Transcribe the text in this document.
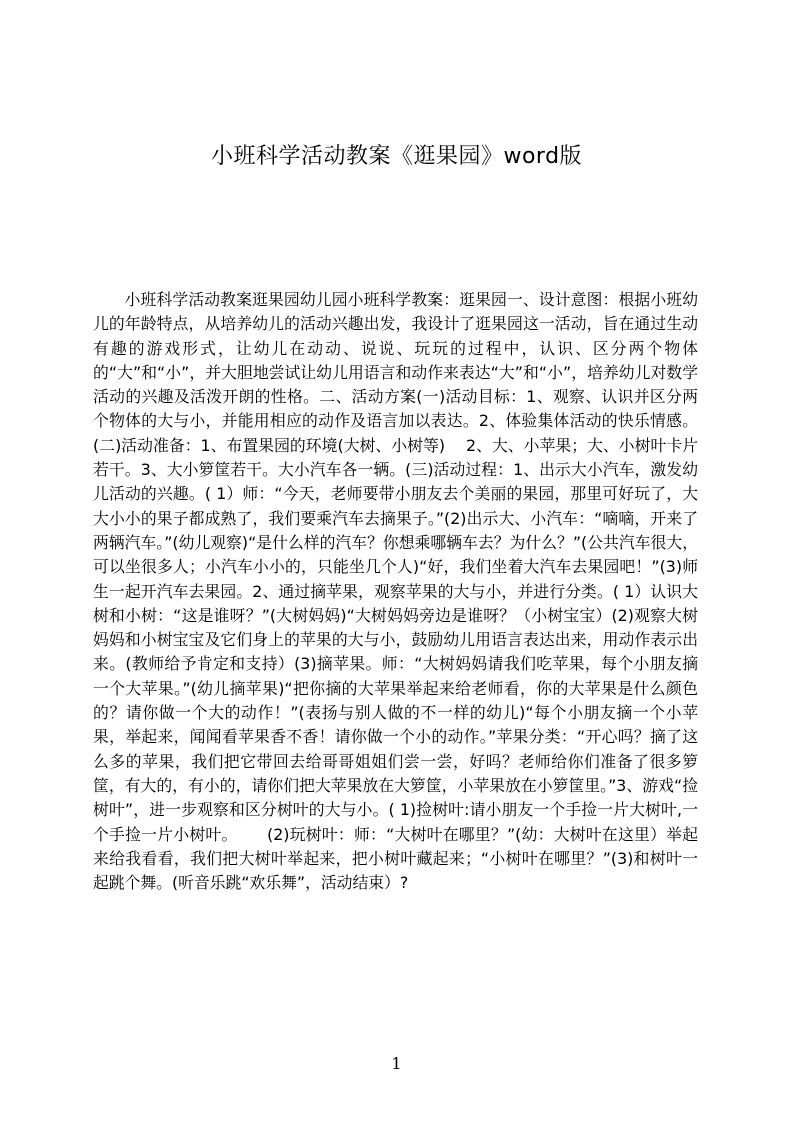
小班科学活动教案《逛果园》word版

小班科学活动教案逛果园幼儿园小班科学教案：逛果园一、设计意图：根据小班幼儿的年龄特点，从培养幼儿的活动兴趣出发，我设计了逛果园这一活动，旨在通过生动有趣的游戏形式，让幼儿在动动、说说、玩玩的过程中，认识、区分两个物体的“大”和“小”，并大胆地尝试让幼儿用语言和动作来表达“大”和“小”，培养幼儿对数学活动的兴趣及活泼开朗的性格。二、活动方案(一)活动目标：1、观察、认识并区分两个物体的大与小，并能用相应的动作及语言加以表达。2、体验集体活动的快乐情感。(二)活动准备：1、布置果园的环境(大树、小树等)　 2、大、小苹果；大、小树叶卡片若干。3、大小箩筐若干。大小汽车各一辆。(三)活动过程：1、出示大小汽车，激发幼儿活动的兴趣。( 1）师：“今天，老师要带小朋友去个美丽的果园，那里可好玩了，大大小小的果子都成熟了，我们要乘汽车去摘果子。”(2)出示大、小汽车：“嘀嘀，开来了两辆汽车。”(幼儿观察)“是什么样的汽车？你想乘哪辆车去？为什么？”(公共汽车很大，可以坐很多人；小汽车小小的，只能坐几个人)“好，我们坐着大汽车去果园吧！”(3)师生一起开汽车去果园。2、通过摘苹果，观察苹果的大与小，并进行分类。( 1）认识大树和小树：“这是谁呀？”(大树妈妈)“大树妈妈旁边是谁呀？（小树宝宝）(2)观察大树妈妈和小树宝宝及它们身上的苹果的大与小，鼓励幼儿用语言表达出来，用动作表示出来。(教师给予肯定和支持）(3)摘苹果。师：“大树妈妈请我们吃苹果，每个小朋友摘一个大苹果。”(幼儿摘苹果)“把你摘的大苹果举起来给老师看，你的大苹果是什么颜色的？请你做一个大的动作！”(表扬与别人做的不一样的幼儿)“每个小朋友摘一个小苹果，举起来，闻闻看苹果香不香！请你做一个小的动作。”苹果分类：“开心吗？摘了这么多的苹果，我们把它带回去给哥哥姐姐们尝一尝，好吗？老师给你们准备了很多箩筐，有大的，有小的，请你们把大苹果放在大箩筐，小苹果放在小箩筐里。”3、游戏“捡树叶”，进一步观察和区分树叶的大与小。( 1)捡树叶:请小朋友一个手捡一片大树叶,一个手捡一片小树叶。　　 (2)玩树叶：师：“大树叶在哪里？”(幼：大树叶在这里）举起来给我看看，我们把大树叶举起来，把小树叶藏起来；“小树叶在哪里？”(3)和树叶一起跳个舞。(听音乐跳“欢乐舞”，活动结束）?

1
